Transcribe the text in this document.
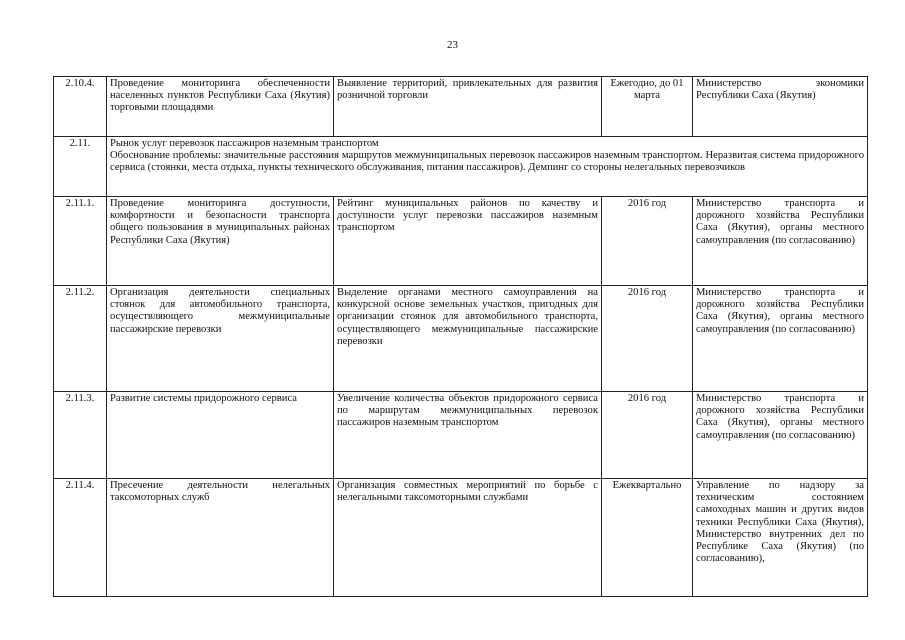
23
2.10.4.	Проведение мониторинга обеспеченности населенных пунктов Республики Саха (Якутия) торговыми площадями	Выявление территорий, привлекательных для развития розничной торговли	Ежегодно, до 01 марта	Министерство экономики Республики Саха (Якутия)
2.11.	Рынок услуг перевозок пассажиров наземным транспортом
Обоснование проблемы: значительные расстояния маршрутов межмуниципальных перевозок пассажиров наземным транспортом. Неразвитая система придорожного сервиса (стоянки, места отдыха, пункты технического обслуживания, питания пассажиров). Демпинг со стороны нелегальных перевозчиков			

2.11.1.	Проведение мониторинга доступности, комфортности и безопасности транспорта общего пользования в муниципальных районах Республики Саха (Якутия)	Рейтинг муниципальных районов по качеству и доступности услуг перевозки пассажиров наземным транспортом	2016 год	Министерство транспорта и дорожного хозяйства Республики Саха (Якутия), органы местного самоуправления (по согласованию)
2.11.2.	Организация деятельности специальных стоянок для автомобильного транспорта, осуществляющего межмуниципальные пассажирские перевозки	Выделение органами местного самоуправления на конкурсной основе земельных участков, пригодных для организации стоянок для автомобильного транспорта, осуществляющего межмуниципальные пассажирские перевозки	2016 год	Министерство транспорта и дорожного хозяйства Республики Саха (Якутия), органы местного самоуправления (по согласованию)
2.11.3.	Развитие системы придорожного сервиса	Увеличение количества объектов придорожного сервиса по маршрутам межмуниципальных перевозок пассажиров наземным транспортом	2016 год	Министерство транспорта и дорожного хозяйства Республики Саха (Якутия), органы местного самоуправления (по согласованию)
2.11.4.	Пресечение деятельности нелегальных таксомоторных служб	Организация совместных мероприятий по борьбе с нелегальными таксомоторными службами	Ежеквартально	Управление по надзору за техническим состоянием самоходных машин и других видов техники Республики Саха (Якутия), Министерство внутренних дел по Республике Саха (Якутия) (по согласованию),
